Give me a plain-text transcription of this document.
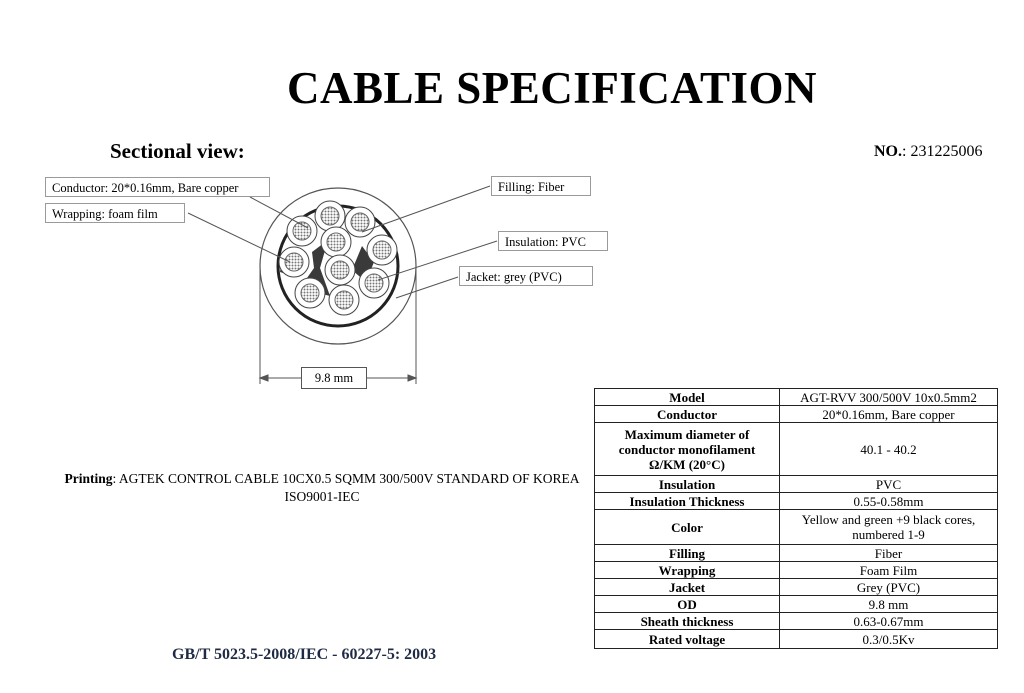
CABLE SPECIFICATION
Sectional view:	NO.: 231225006
Conductor: 20*0.16mm, Bare copper
Wrapping: foam film
Filling: Fiber
Insulation: PVC
Jacket: grey (PVC)
9.8 mm
Printing: AGTEK CONTROL CABLE 10CX0.5 SQMM 300/500V STANDARD OF KOREA ISO9001-IEC
GB/T 5023.5-2008/IEC - 60227-5: 2003
Model	AGT-RVV 300/500V 10x0.5mm2
Conductor	20*0.16mm, Bare copper
Maximum diameter of conductor monofilament Ω/KM (20°C)	40.1 - 40.2
Insulation	PVC
Insulation Thickness	0.55-0.58mm
Color	Yellow and green +9 black cores, numbered 1-9
Filling	Fiber
Wrapping	Foam Film
Jacket	Grey (PVC)
OD	9.8 mm
Sheath thickness	0.63-0.67mm
Rated voltage	0.3/0.5Kv
